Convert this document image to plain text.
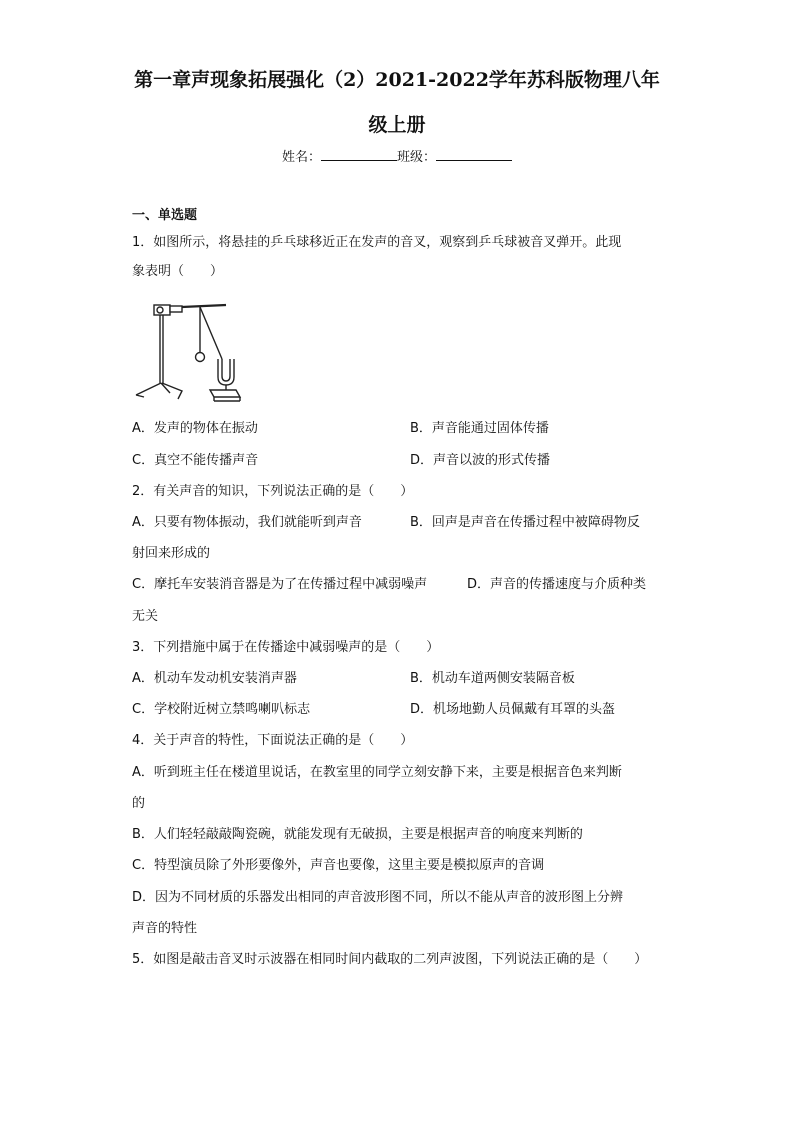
第一章声现象拓展强化（2）2021-2022学年苏科版物理八年
级上册
姓名：	班级：
一、单选题
1．如图所示，将悬挂的乒乓球移近正在发声的音叉，观察到乒乓球被音叉弹开。此现
象表明（　　）
A．发声的物体在振动	B．声音能通过固体传播
C．真空不能传播声音	D．声音以波的形式传播
2．有关声音的知识，下列说法正确的是（　　）
A．只要有物体振动，我们就能听到声音	B．回声是声音在传播过程中被障碍物反
射回来形成的
C．摩托车安装消音器是为了在传播过程中减弱噪声	D．声音的传播速度与介质种类
无关
3．下列措施中属于在传播途中减弱噪声的是（　　）
A．机动车发动机安装消声器	B．机动车道两侧安装隔音板
C．学校附近树立禁鸣喇叭标志	D．机场地勤人员佩戴有耳罩的头盔
4．关于声音的特性，下面说法正确的是（　　）
A．听到班主任在楼道里说话，在教室里的同学立刻安静下来，主要是根据音色来判断
的
B．人们轻轻敲敲陶瓷碗，就能发现有无破损，主要是根据声音的响度来判断的
C．特型演员除了外形要像外，声音也要像，这里主要是模拟原声的音调
D．因为不同材质的乐器发出相同的声音波形图不同，所以不能从声音的波形图上分辨
声音的特性
5．如图是敲击音叉时示波器在相同时间内截取的二列声波图，下列说法正确的是（　　）
